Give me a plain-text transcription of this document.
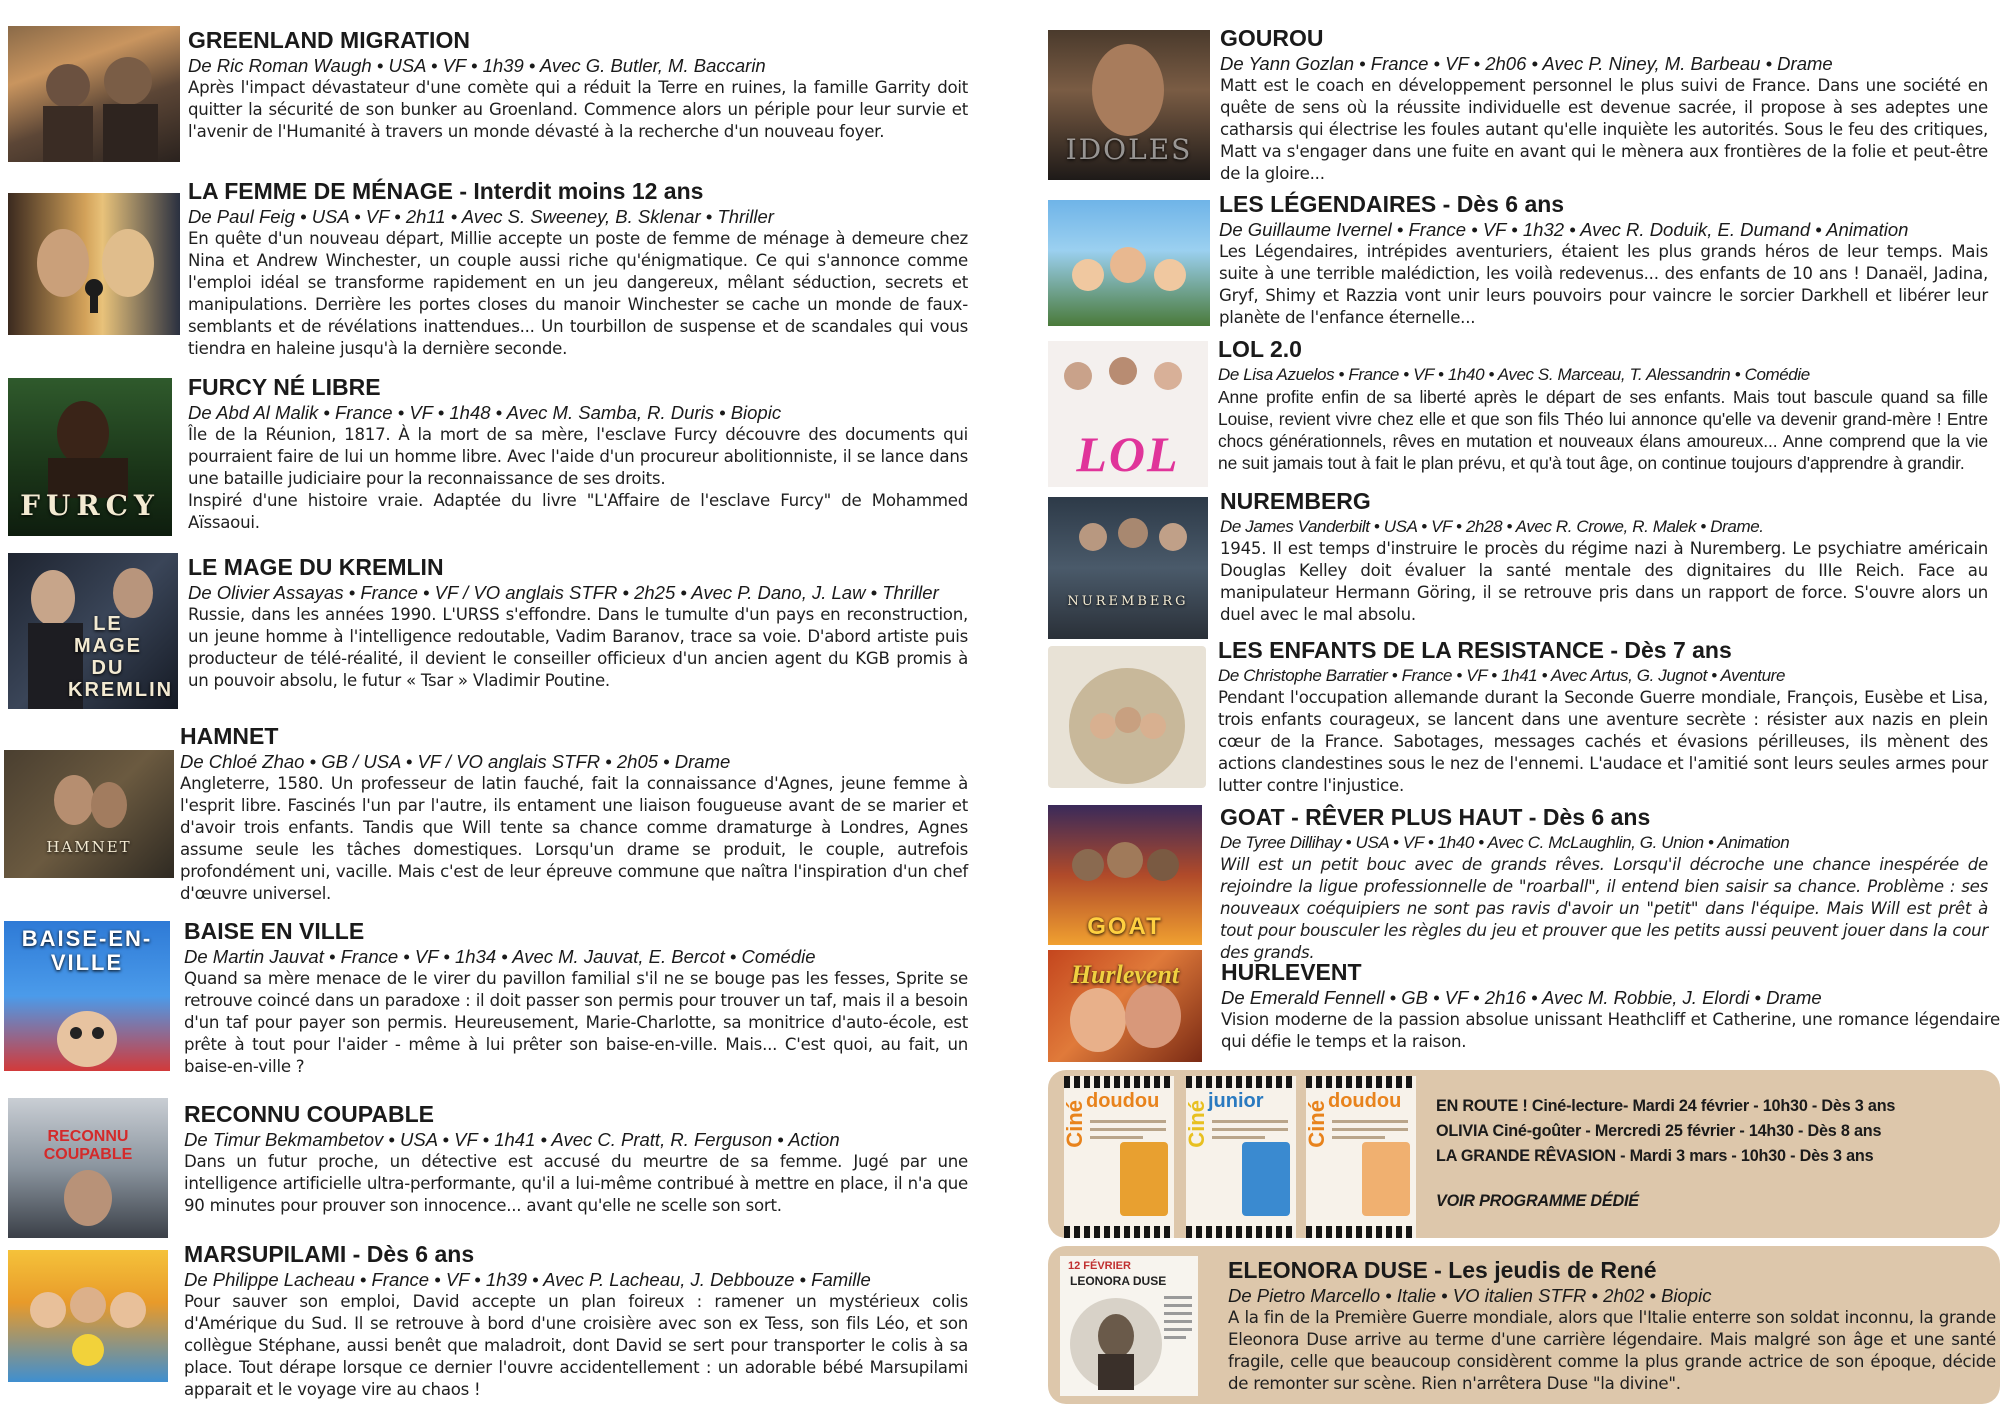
GREENLAND MIGRATION
De Ric Roman Waugh • USA • VF • 1h39 • Avec G. Butler, M. Baccarin

Après l'impact dévastateur d'une comète qui a réduit la Terre en ruines, la famille Garrity doit quitter la sécurité de son bunker au Groenland. Commence alors un périple pour leur survie et l'avenir de l'Humanité à travers un monde dévasté à la recherche d'un nouveau foyer.

LA FEMME DE MÉNAGE - Interdit moins 12 ans
De Paul Feig • USA • VF • 2h11 • Avec S. Sweeney, B. Sklenar • Thriller

En quête d'un nouveau départ, Millie accepte un poste de femme de ménage à demeure chez Nina et Andrew Winchester, un couple aussi riche qu'énigmatique. Ce qui s'annonce comme l'emploi idéal se transforme rapidement en un jeu dangereux, mêlant séduction, secrets et manipulations. Derrière les portes closes du manoir Winchester se cache un monde de faux-semblants et de révélations inattendues... Un tourbillon de suspense et de scandales qui vous tiendra en haleine jusqu'à la dernière seconde.

FURCY
FURCY NÉ LIBRE
De Abd Al Malik • France • VF • 1h48 • Avec M. Samba, R. Duris • Biopic

Île de la Réunion, 1817. À la mort de sa mère, l'esclave Furcy découvre des documents qui pourraient faire de lui un homme libre. Avec l'aide d'un procureur abolitionniste, il se lance dans une bataille judiciaire pour la reconnaissance de ses droits.

Inspiré d'une histoire vraie. Adaptée du livre "L'Affaire de l'esclave Furcy" de Mohammed Aïssaoui.

LE MAGE DU KREMLIN
LE MAGE DU KREMLIN
De Olivier Assayas • France • VF / VO anglais STFR • 2h25 • Avec P. Dano, J. Law • Thriller

Russie, dans les années 1990. L'URSS s'effondre. Dans le tumulte d'un pays en reconstruction, un jeune homme à l'intelligence redoutable, Vadim Baranov, trace sa voie. D'abord artiste puis producteur de télé-réalité, il devient le conseiller officieux d'un ancien agent du KGB promis à un pouvoir absolu, le futur « Tsar » Vladimir Poutine.

HAMNET
HAMNET
De Chloé Zhao • GB / USA • VF / VO anglais STFR • 2h05 • Drame

Angleterre, 1580. Un professeur de latin fauché, fait la connaissance d'Agnes, jeune femme à l'esprit libre. Fascinés l'un par l'autre, ils entament une liaison fougueuse avant de se marier et d'avoir trois enfants. Tandis que Will tente sa chance comme dramaturge à Londres, Agnes assume seule les tâches domestiques. Lorsqu'un drame se produit, le couple, autrefois profondément uni, vacille. Mais c'est de leur épreuve commune que naîtra l'inspiration d'un chef d'œuvre universel.

BAISE-EN-VILLE
BAISE EN VILLE
De Martin Jauvat • France • VF • 1h34 • Avec M. Jauvat, E. Bercot • Comédie

Quand sa mère menace de le virer du pavillon familial s'il ne se bouge pas les fesses, Sprite se retrouve coincé dans un paradoxe : il doit passer son permis pour trouver un taf, mais il a besoin d'un taf pour payer son permis. Heureusement, Marie-Charlotte, sa monitrice d'auto-école, est prête à tout pour l'aider - même à lui prêter son baise-en-ville. Mais... C'est quoi, au fait, un baise-en-ville ?

RECONNU COUPABLE
RECONNU COUPABLE
De Timur Bekmambetov • USA • VF • 1h41 • Avec C. Pratt, R. Ferguson • Action

Dans un futur proche, un détective est accusé du meurtre de sa femme. Jugé par une intelligence artificielle ultra-performante, qu'il a lui-même contribué à mettre en place, il n'a que 90 minutes pour prouver son innocence... avant qu'elle ne scelle son sort.

MARSUPILAMI - Dès 6 ans
De Philippe Lacheau • France • VF • 1h39 • Avec P. Lacheau, J. Debbouze • Famille

Pour sauver son emploi, David accepte un plan foireux : ramener un mystérieux colis d'Amérique du Sud. Il se retrouve à bord d'une croisière avec son ex Tess, son fils Léo, et son collègue Stéphane, aussi benêt que maladroit, dont David se sert pour transporter le colis à sa place. Tout dérape lorsque ce dernier l'ouvre accidentellement : un adorable bébé Marsupilami apparait et le voyage vire au chaos !

IDOLES
GOUROU
De Yann Gozlan • France • VF • 2h06 • Avec P. Niney, M. Barbeau • Drame

Matt est le coach en développement personnel le plus suivi de France. Dans une société en quête de sens où la réussite individuelle est devenue sacrée, il propose à ses adeptes une catharsis qui électrise les foules autant qu'elle inquiète les autorités. Sous le feu des critiques, Matt va s'engager dans une fuite en avant qui le mènera aux frontières de la folie et peut-être de la gloire...

LES LÉGENDAIRES - Dès 6 ans
De Guillaume Ivernel • France • VF • 1h32 • Avec R. Doduik, E. Dumand • Animation

Les Légendaires, intrépides aventuriers, étaient les plus grands héros de leur temps. Mais suite à une terrible malédiction, les voilà redevenus... des enfants de 10 ans ! Danaël, Jadina, Gryf, Shimy et Razzia vont unir leurs pouvoirs pour vaincre le sorcier Darkhell et libérer leur planète de l'enfance éternelle...

LOL
LOL 2.0
De Lisa Azuelos • France • VF • 1h40 • Avec S. Marceau, T. Alessandrin • Comédie

Anne profite enfin de sa liberté après le départ de ses enfants. Mais tout bascule quand sa fille Louise, revient vivre chez elle et que son fils Théo lui annonce qu'elle va devenir grand-mère ! Entre chocs générationnels, rêves en mutation et nouveaux élans amoureux... Anne comprend que la vie ne suit jamais tout à fait le plan prévu, et qu'à tout âge, on continue toujours d'apprendre à grandir.

NUREMBERG
NUREMBERG
De James Vanderbilt • USA • VF • 2h28 • Avec R. Crowe, R. Malek • Drame.

1945. Il est temps d'instruire le procès du régime nazi à Nuremberg. Le psychiatre américain Douglas Kelley doit évaluer la santé mentale des dignitaires du IIIe Reich. Face au manipulateur Hermann Göring, il se retrouve pris dans un rapport de force. S'ouvre alors un duel avec le mal absolu.

LES ENFANTS DE LA RESISTANCE - Dès 7 ans
De Christophe Barratier • France • VF • 1h41 • Avec Artus, G. Jugnot • Aventure

Pendant l'occupation allemande durant la Seconde Guerre mondiale, François, Eusèbe et Lisa, trois enfants courageux, se lancent dans une aventure secrète : résister aux nazis en plein cœur de la France. Sabotages, messages cachés et évasions périlleuses, ils mènent des actions clandestines sous le nez de l'ennemi. L'audace et l'amitié sont leurs seules armes pour lutter contre l'injustice.

GOAT
GOAT - RÊVER PLUS HAUT - Dès 6 ans
De Tyree Dillihay • USA • VF • 1h40 • Avec C. McLaughlin, G. Union • Animation

Will est un petit bouc avec de grands rêves. Lorsqu'il décroche une chance inespérée de rejoindre la ligue professionnelle de "roarball", il entend bien saisir sa chance. Problème : ses nouveaux coéquipiers ne sont pas ravis d'avoir un "petit" dans l'équipe. Mais Will est prêt à tout pour bousculer les règles du jeu et prouver que les petits aussi peuvent jouer dans la cour des grands.

Hurlevent	HURLEVENT
De Emerald Fennell • GB • VF • 2h16 • Avec M. Robbie, J. Elordi • Drame

Vision moderne de la passion absolue unissant Heathcliff et Catherine, une romance légendaire qui défie le temps et la raison.

Ciné doudou Ciné junior Ciné doudou EN ROUTE ! Ciné-lecture- Mardi 24 février - 10h30 - Dès 3 ans
OLIVIA Ciné-goûter - Mercredi 25 février - 14h30 - Dès 8 ans
LA GRANDE RÊVASION - Mardi 3 mars - 10h30 - Dès 3 ans
VOIR PROGRAMME DÉDIÉ
12 FÉVRIER
LEONORA DUSE	ELEONORA DUSE - Les jeudis de René
De Pietro Marcello • Italie • VO italien STFR • 2h02 • Biopic

A la fin de la Première Guerre mondiale, alors que l'Italie enterre son soldat inconnu, la grande Eleonora Duse arrive au terme d'une carrière légendaire. Mais malgré son âge et une santé fragile, celle que beaucoup considèrent comme la plus grande actrice de son époque, décide de remonter sur scène. Rien n'arrêtera Duse "la divine".
